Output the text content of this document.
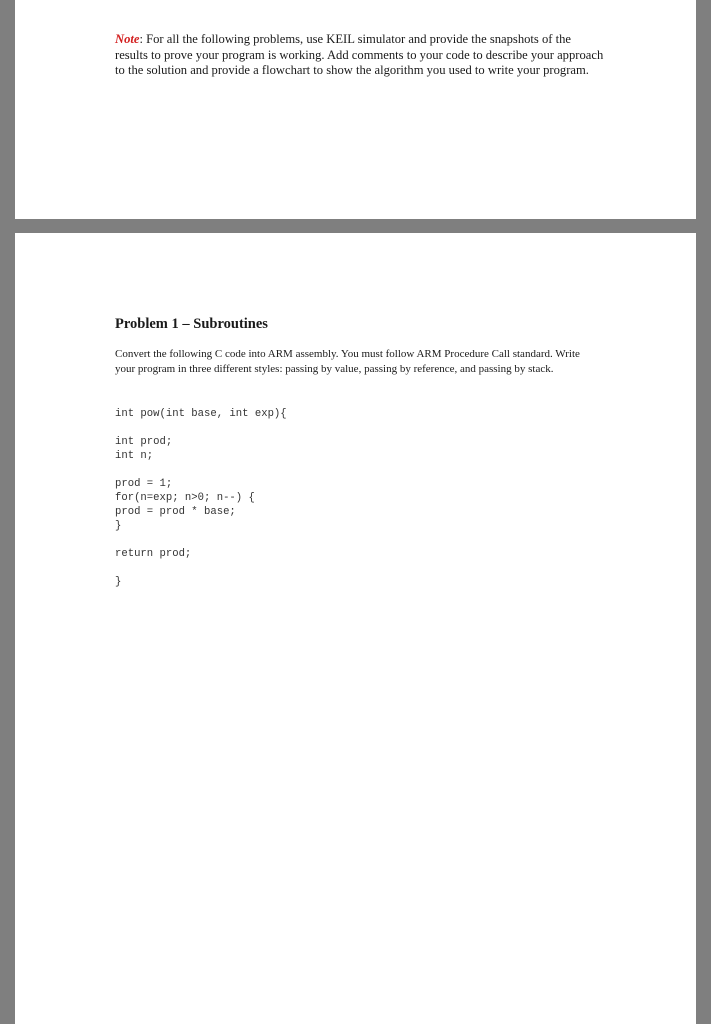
Note: For all the following problems, use KEIL simulator and provide the snapshots of the results to prove your program is working. Add comments to your code to describe your approach to the solution and provide a flowchart to show the algorithm you used to write your program.
Problem 1 – Subroutines
Convert the following C code into ARM assembly. You must follow ARM Procedure Call standard. Write your program in three different styles: passing by value, passing by reference, and passing by stack.
int pow(int base, int exp){
int prod;
int n;
prod = 1;
for(n=exp; n>0; n--) {
prod = prod * base;
}
return prod;
}
